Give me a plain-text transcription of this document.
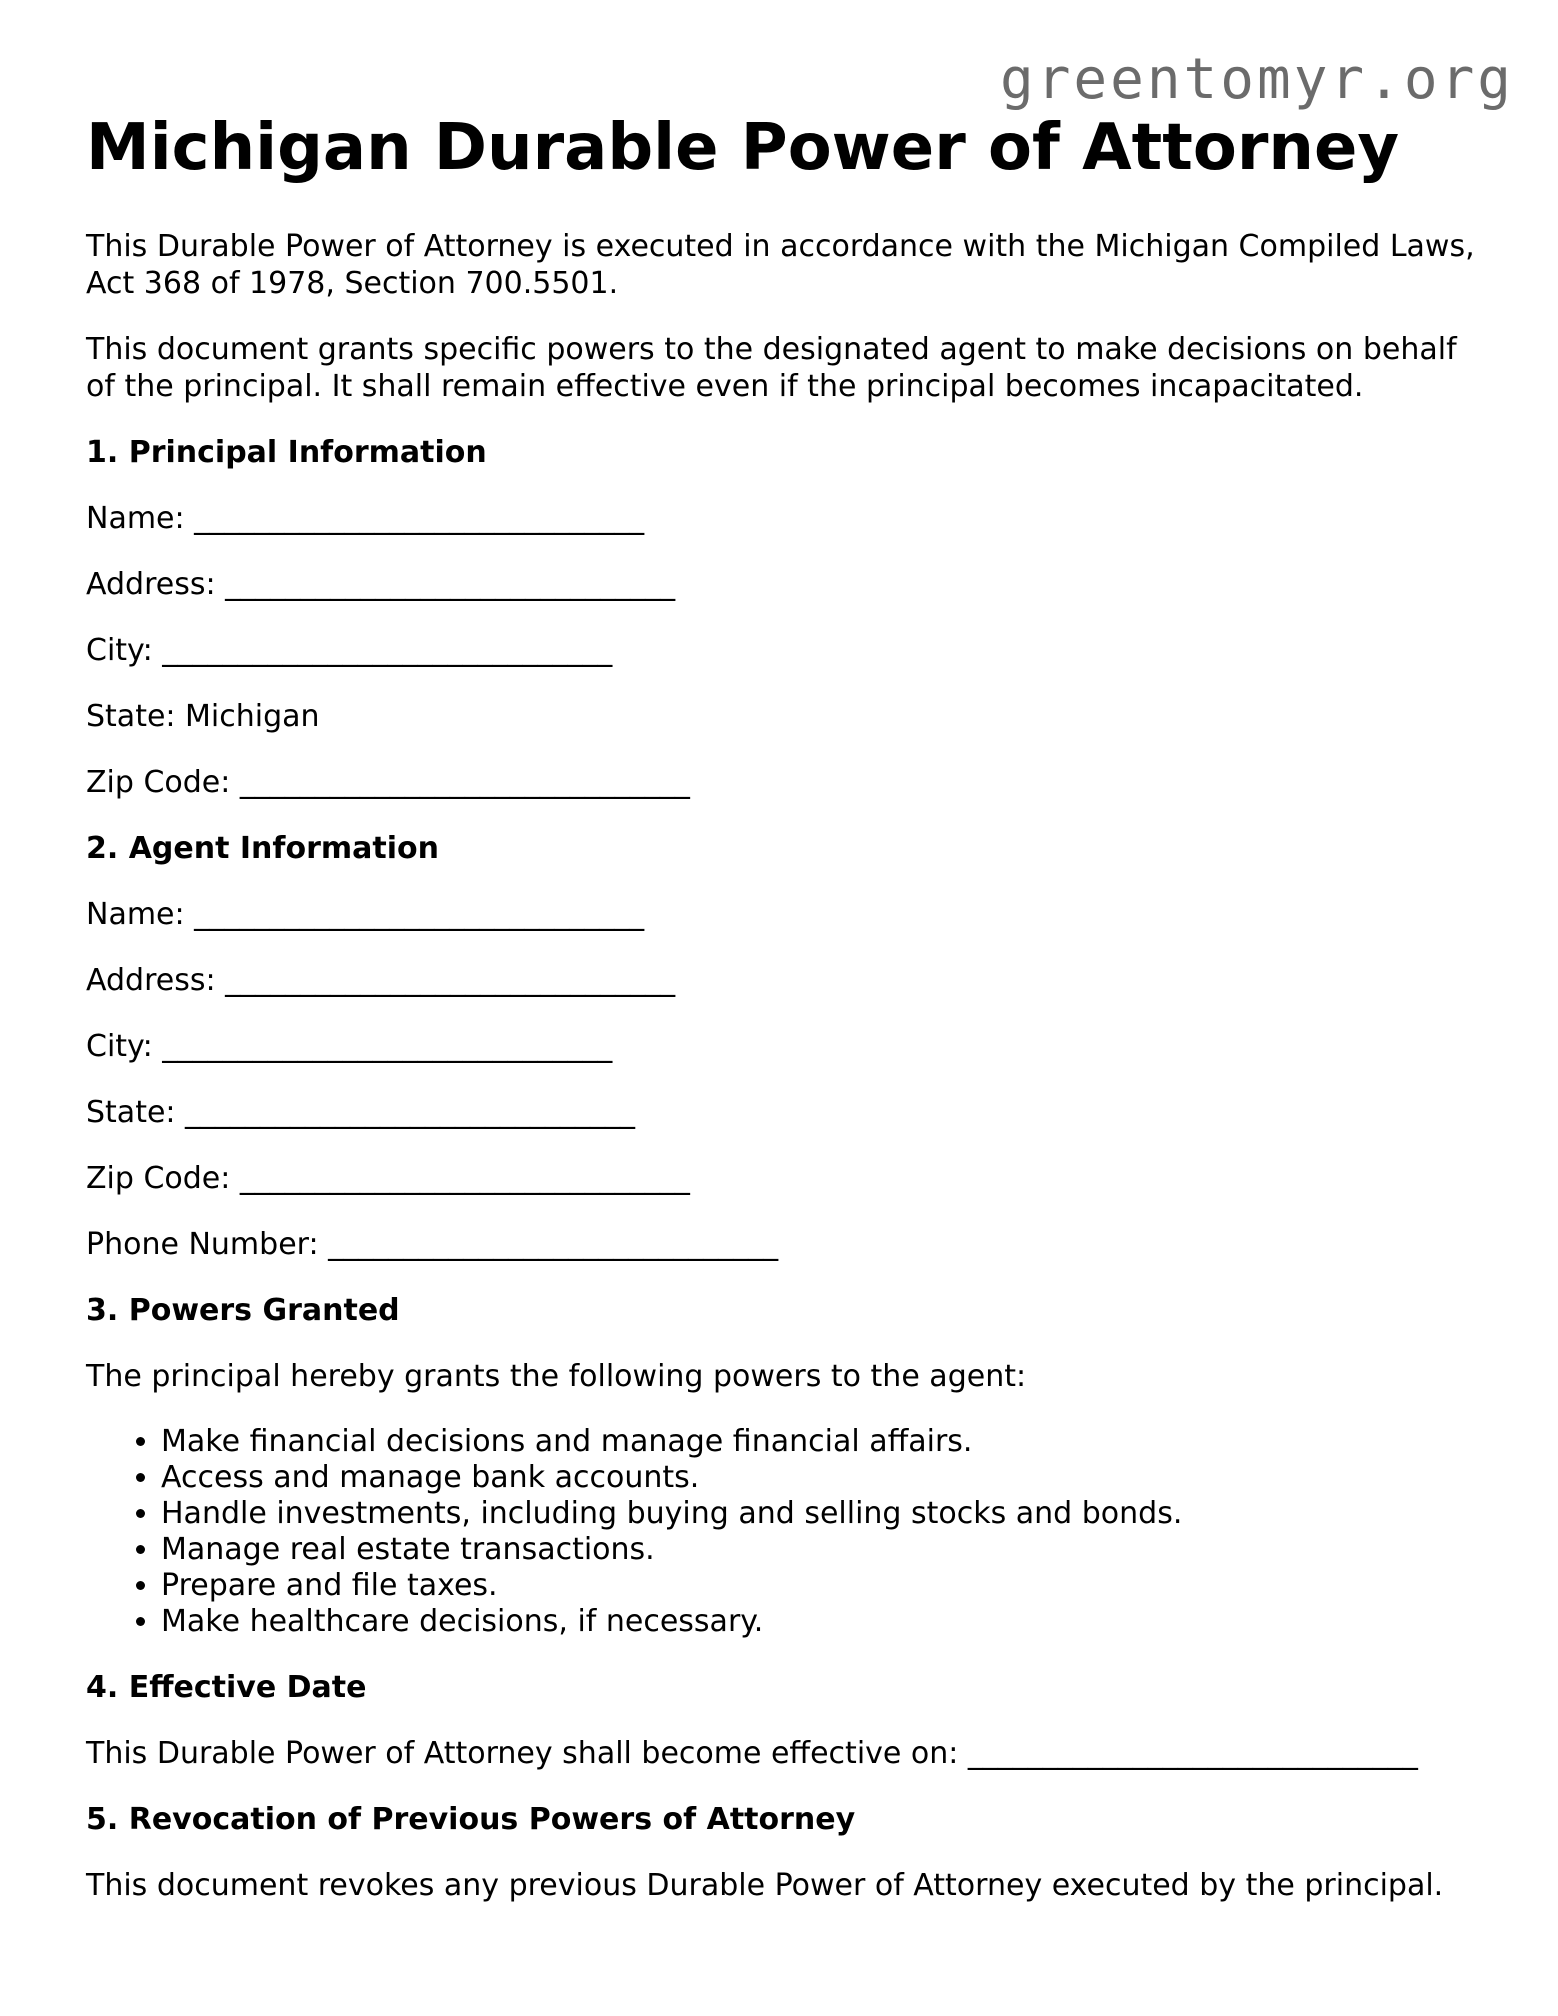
greentomyr.org
Michigan Durable Power of Attorney

This Durable Power of Attorney is executed in accordance with the Michigan Compiled Laws, Act 368 of 1978, Section 700.5501.

This document grants specific powers to the designated agent to make decisions on behalf of the principal. It shall remain effective even if the principal becomes incapacitated.

1. Principal Information
Name: ______________________________
Address: ______________________________
City: ______________________________
State: Michigan
Zip Code: ______________________________
2. Agent Information
Name: ______________________________
Address: ______________________________
City: ______________________________
State: ______________________________
Zip Code: ______________________________
Phone Number: ______________________________
3. Powers Granted

The principal hereby grants the following powers to the agent:

• Make financial decisions and manage financial affairs.
• Access and manage bank accounts.
• Handle investments, including buying and selling stocks and bonds.
• Manage real estate transactions.
• Prepare and file taxes.
• Make healthcare decisions, if necessary.
4. Effective Date
This Durable Power of Attorney shall become effective on: ______________________________
5. Revocation of Previous Powers of Attorney

This document revokes any previous Durable Power of Attorney executed by the principal.
